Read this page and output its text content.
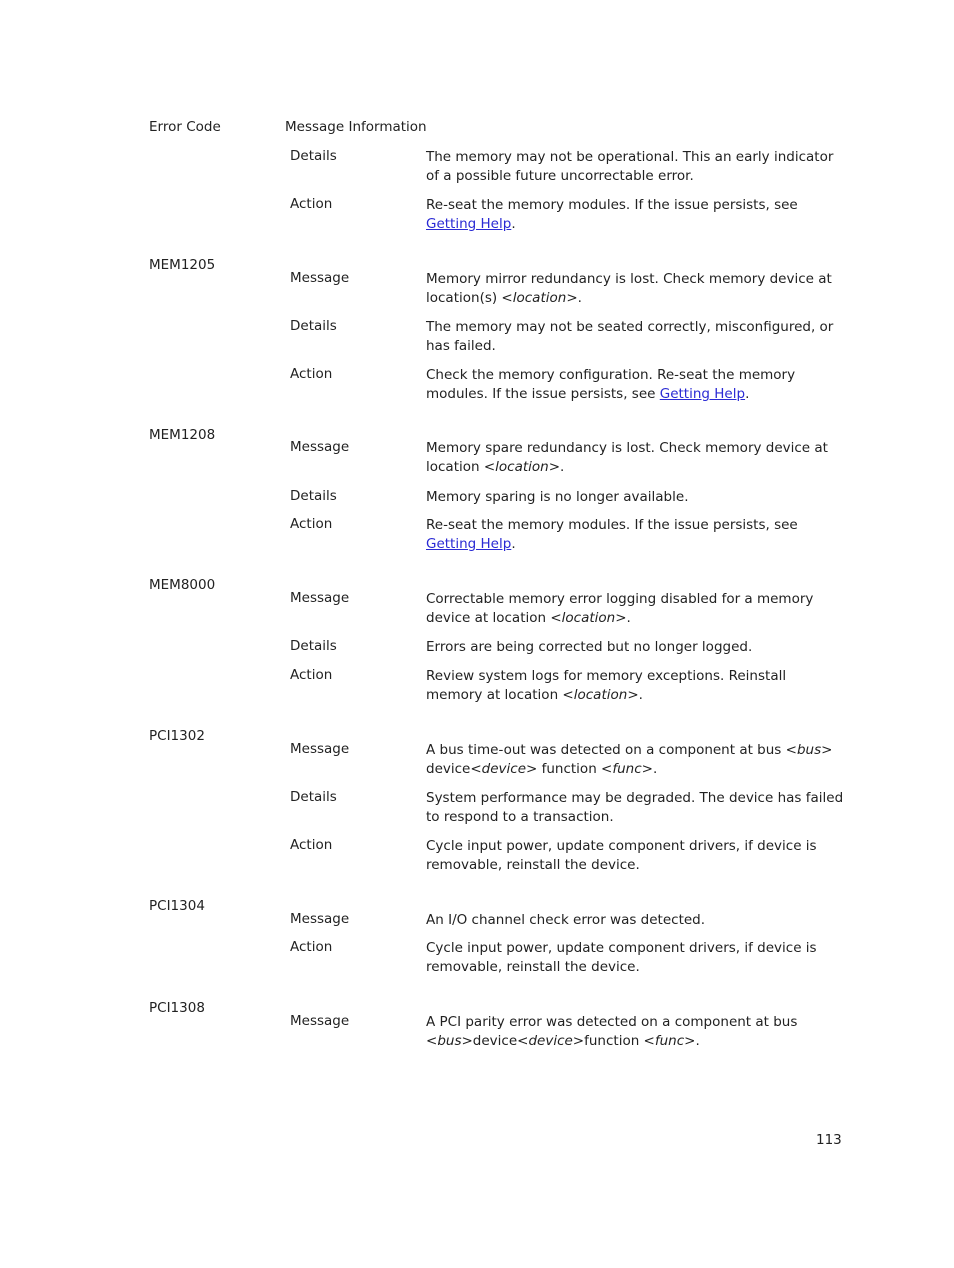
Error Code	Message Information
Details	The memory may not be operational. This an early indicator
of a possible future uncorrectable error.
Action	Re-seat the memory modules. If the issue persists, see
Getting Help.
MEM1205
Message	Memory mirror redundancy is lost. Check memory device at
location(s) <location>.
Details	The memory may not be seated correctly, misconfigured, or
has failed.
Action	Check the memory configuration. Re-seat the memory
modules. If the issue persists, see Getting Help.
MEM1208
Message	Memory spare redundancy is lost. Check memory device at
location <location>.
Details	Memory sparing is no longer available.
Action	Re-seat the memory modules. If the issue persists, see
Getting Help.
MEM8000
Message	Correctable memory error logging disabled for a memory
device at location <location>.
Details	Errors are being corrected but no longer logged.
Action	Review system logs for memory exceptions. Reinstall
memory at location <location>.
PCI1302
Message	A bus time-out was detected on a component at bus <bus>
device<device> function <func>.
Details	System performance may be degraded. The device has failed
to respond to a transaction.
Action	Cycle input power, update component drivers, if device is
removable, reinstall the device.
PCI1304
Message	An I/O channel check error was detected.
Action	Cycle input power, update component drivers, if device is
removable, reinstall the device.
PCI1308
Message	A PCI parity error was detected on a component at bus
<bus>device<device>function <func>.
113
